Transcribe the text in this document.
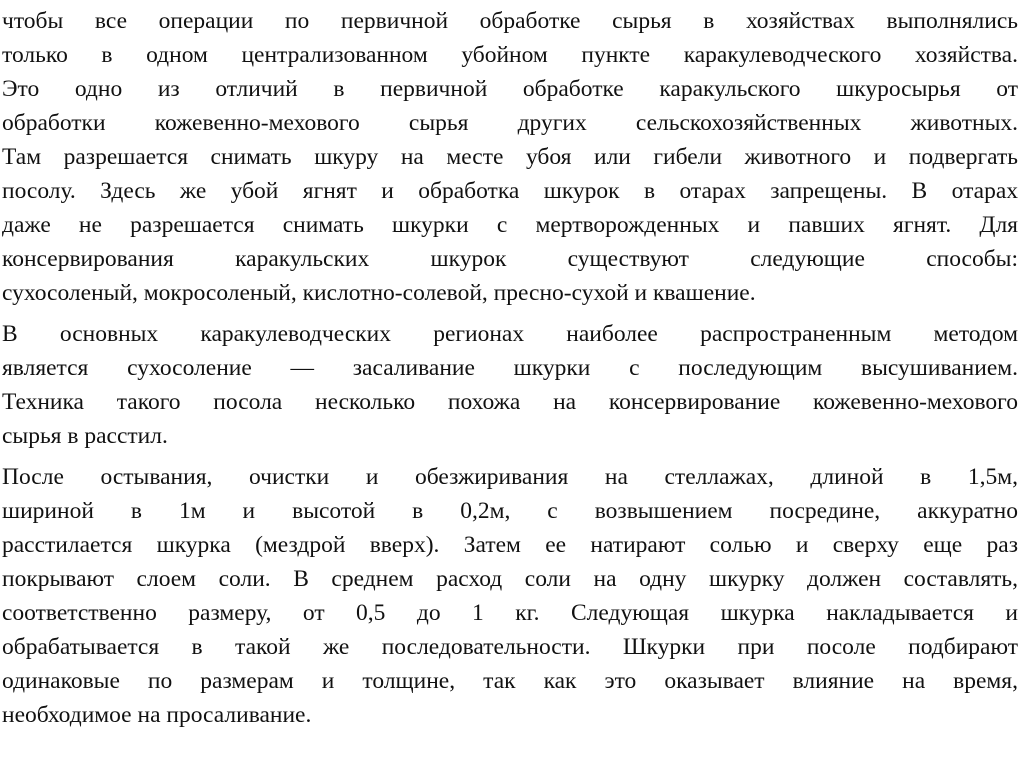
чтобы все операции по первичной обработке сырья в хозяйствах выполнялись
только в одном централизованном убойном пункте каракулеводческого хозяйства.
Это одно из отличий в первичной обработке каракульского шкуросырья от
обработки кожевенно-мехового сырья других сельскохозяйственных животных.
Там разрешается снимать шкуру на месте убоя или гибели животного и подвергать
посолу. Здесь же убой ягнят и обработка шкурок в отарах запрещены. В отарах
даже не разрешается снимать шкурки с мертворожденных и павших ягнят. Для
консервирования каракульских шкурок существуют следующие способы:
сухосоленый, мокросоленый, кислотно-солевой, пресно-сухой и квашение.

В основных каракулеводческих регионах наиболее распространенным методом
является сухосоление — засаливание шкурки с последующим высушиванием.
Техника такого посола несколько похожа на консервирование кожевенно-мехового
сырья в расстил.

После остывания, очистки и обезжиривания на стеллажах, длиной в 1,5м,
шириной в 1м и высотой в 0,2м, с возвышением посредине, аккуратно
расстилается шкурка (мездрой вверх). Затем ее натирают солью и сверху еще раз
покрывают слоем соли. В среднем расход соли на одну шкурку должен составлять,
соответственно размеру, от 0,5 до 1 кг. Следующая шкурка накладывается и
обрабатывается в такой же последовательности. Шкурки при посоле подбирают
одинаковые по размерам и толщине, так как это оказывает влияние на время,
необходимое на просаливание.
